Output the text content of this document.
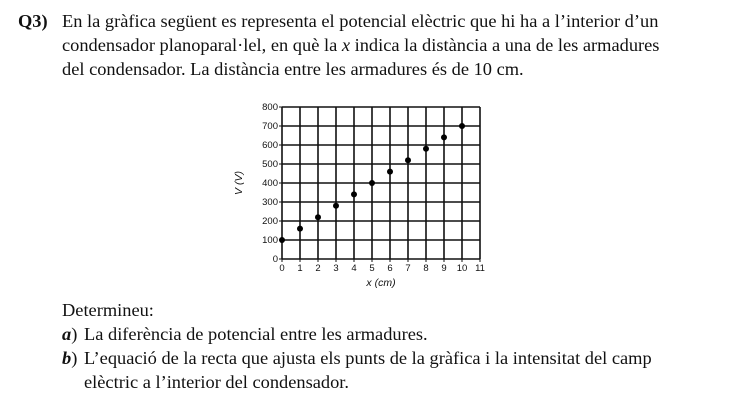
Q3) En la gràfica següent es representa el potencial elèctric que hi ha a l’interior d’un
condensador planoparal·lel, en què la x indica la distància a una de les armadures
del condensador. La distància entre les armadures és de 10 cm.
0 1 2 3 4 5 6 7 8 9 10 11
0
100
200
300
400
500
600
700
800
x (cm)
V (V)
Determineu:
a) La diferència de potencial entre les armadures.
b) L’equació de la recta que ajusta els punts de la gràfica i la intensitat del camp
elèctric a l’interior del condensador.
